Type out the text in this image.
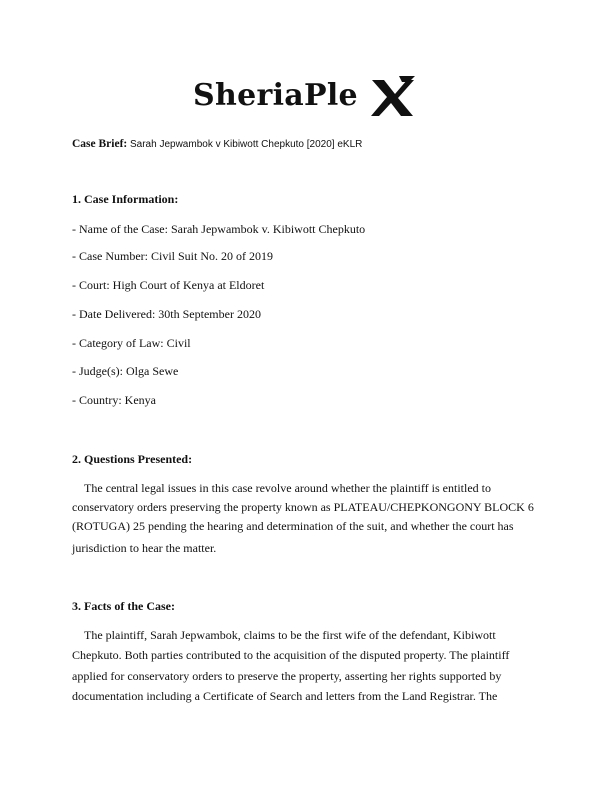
SheriaPle
Case Brief: Sarah Jepwambok v Kibiwott Chepkuto [2020] eKLR
1. Case Information:
- Name of the Case: Sarah Jepwambok v. Kibiwott Chepkuto
- Case Number: Civil Suit No. 20 of 2019
- Court: High Court of Kenya at Eldoret
- Date Delivered: 30th September 2020
- Category of Law: Civil
- Judge(s): Olga Sewe
- Country: Kenya
2. Questions Presented:
The central legal issues in this case revolve around whether the plaintiff is entitled to
conservatory orders preserving the property known as PLATEAU/CHEPKONGONY BLOCK 6
(ROTUGA) 25 pending the hearing and determination of the suit, and whether the court has
jurisdiction to hear the matter.
3. Facts of the Case:
The plaintiff, Sarah Jepwambok, claims to be the first wife of the defendant, Kibiwott
Chepkuto. Both parties contributed to the acquisition of the disputed property. The plaintiff
applied for conservatory orders to preserve the property, asserting her rights supported by
documentation including a Certificate of Search and letters from the Land Registrar. The
